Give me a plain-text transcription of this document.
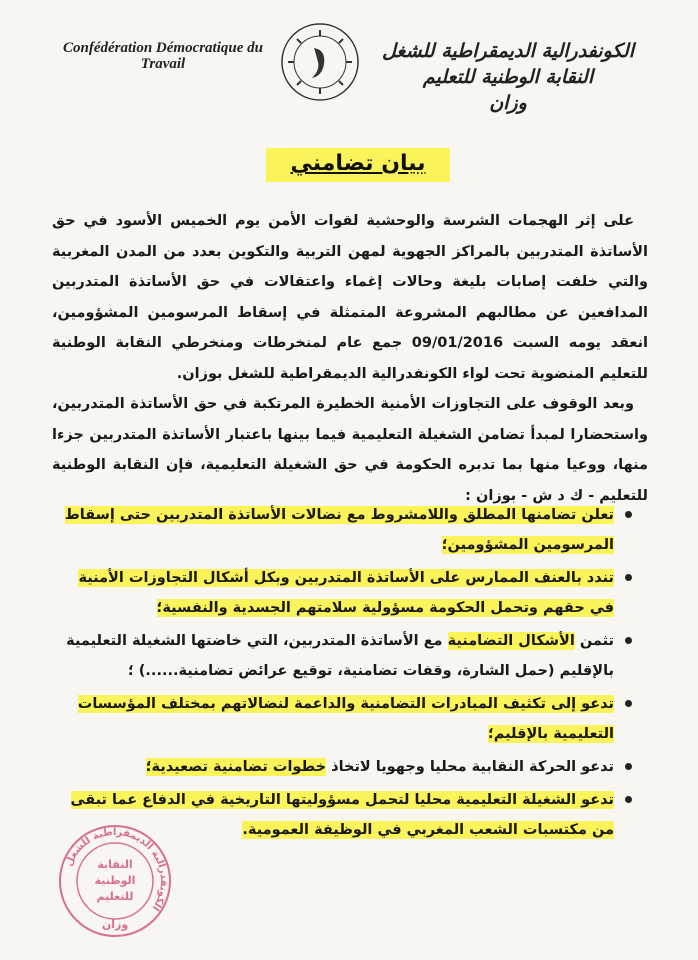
Confédération Démocratique du Travail
الكونفدرالية الديمقراطية للشغل
النقابة الوطنية للتعليم
وزان
بيان تضامني

على إثر الهجمات الشرسة والوحشية لقوات الأمن يوم الخميس الأسود في حق الأساتذة المتدربين بالمراكز الجهوية لمهن التربية والتكوين بعدد من المدن المغربية والتي خلفت إصابات بليغة وحالات إغماء واعتقالات في حق الأساتذة المتدربين المدافعين عن مطالبهم المشروعة المتمثلة في إسقاط المرسومين المشؤومين، انعقد يومه السبت 09/01/2016 جمع عام لمنخرطات ومنخرطي النقابة الوطنية للتعليم المنضوية تحت لواء الكونفدرالية الديمقراطية للشغل بوزان.

وبعد الوقوف على التجاوزات الأمنية الخطيرة المرتكبة في حق الأساتذة المتدربين، واستحضارا لمبدأ تضامن الشغيلة التعليمية فيما بينها باعتبار الأساتذة المتدربين جزءا منها، ووعيا منها بما تدبره الحكومة في حق الشغيلة التعليمية، فإن النقابة الوطنية للتعليم - ك د ش - بوزان :

تعلن تضامنها المطلق واللامشروط مع نضالات الأساتذة المتدربين حتى إسقاط المرسومين المشؤومين؛
تندد بالعنف الممارس على الأساتذة المتدربين وبكل أشكال التجاوزات الأمنية في حقهم وتحمل الحكومة مسؤولية سلامتهم الجسدية والنفسية؛
تثمن الأشكال التضامنية مع الأساتذة المتدربين، التي خاضتها الشغيلة التعليمية بالإقليم (حمل الشارة، وقفات تضامنية، توقيع عرائض تضامنية......) ؛
تدعو إلى تكثيف المبادرات التضامنية والداعمة لنضالاتهم بمختلف المؤسسات التعليمية بالإقليم؛
تدعو الحركة النقابية محليا وجهويا لاتخاذ خطوات تضامنية تصعيدية؛
تدعو الشغيلة التعليمية محليا لتحمل مسؤوليتها التاريخية في الدفاع عما تبقى من مكتسبات الشعب المغربي في الوظيفة العمومية.
الكونفدرالية الديمقراطية للشغل
النقابة
الوطنية
للتعليم
وزان
